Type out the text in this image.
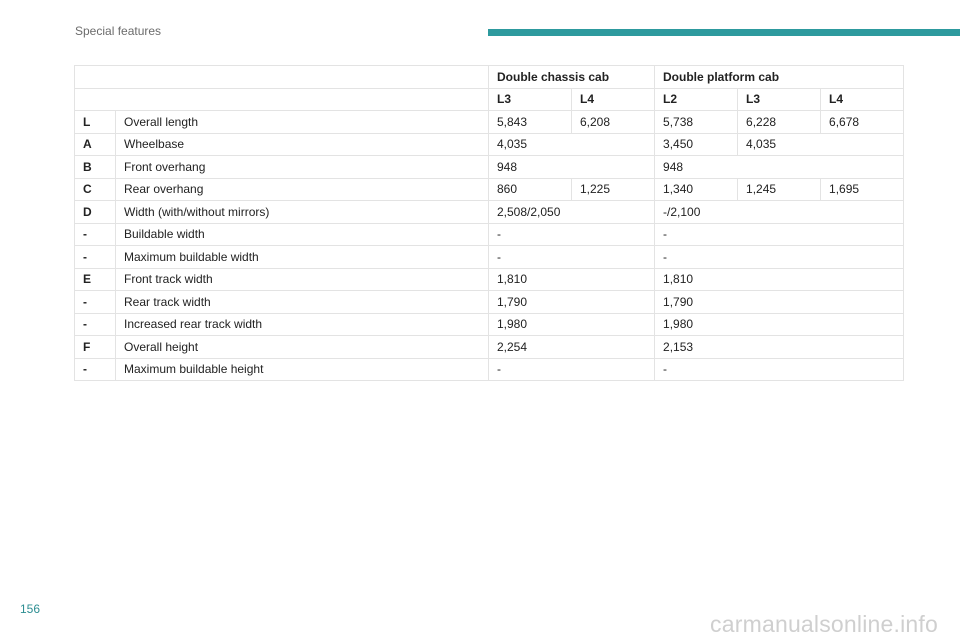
Special features
		Double chassis cab		Double platform cab		
		L3	L4	L2	L3	L4
L	Overall length	5,843	6,208	5,738	6,228	6,678
A	Wheelbase	4,035		3,450	4,035	
B	Front overhang	948		948		
C	Rear overhang	860	1,225	1,340	1,245	1,695
D	Width (with/without mirrors)	2,508/2,050		-/2,100		
-	Buildable width	-		-		
-	Maximum buildable width	-		-		
E	Front track width	1,810		1,810		
-	Rear track width	1,790		1,790		
-	Increased rear track width	1,980		1,980		
F	Overall height	2,254		2,153		
-	Maximum buildable height	-		-		
156
carmanualsonline.info
